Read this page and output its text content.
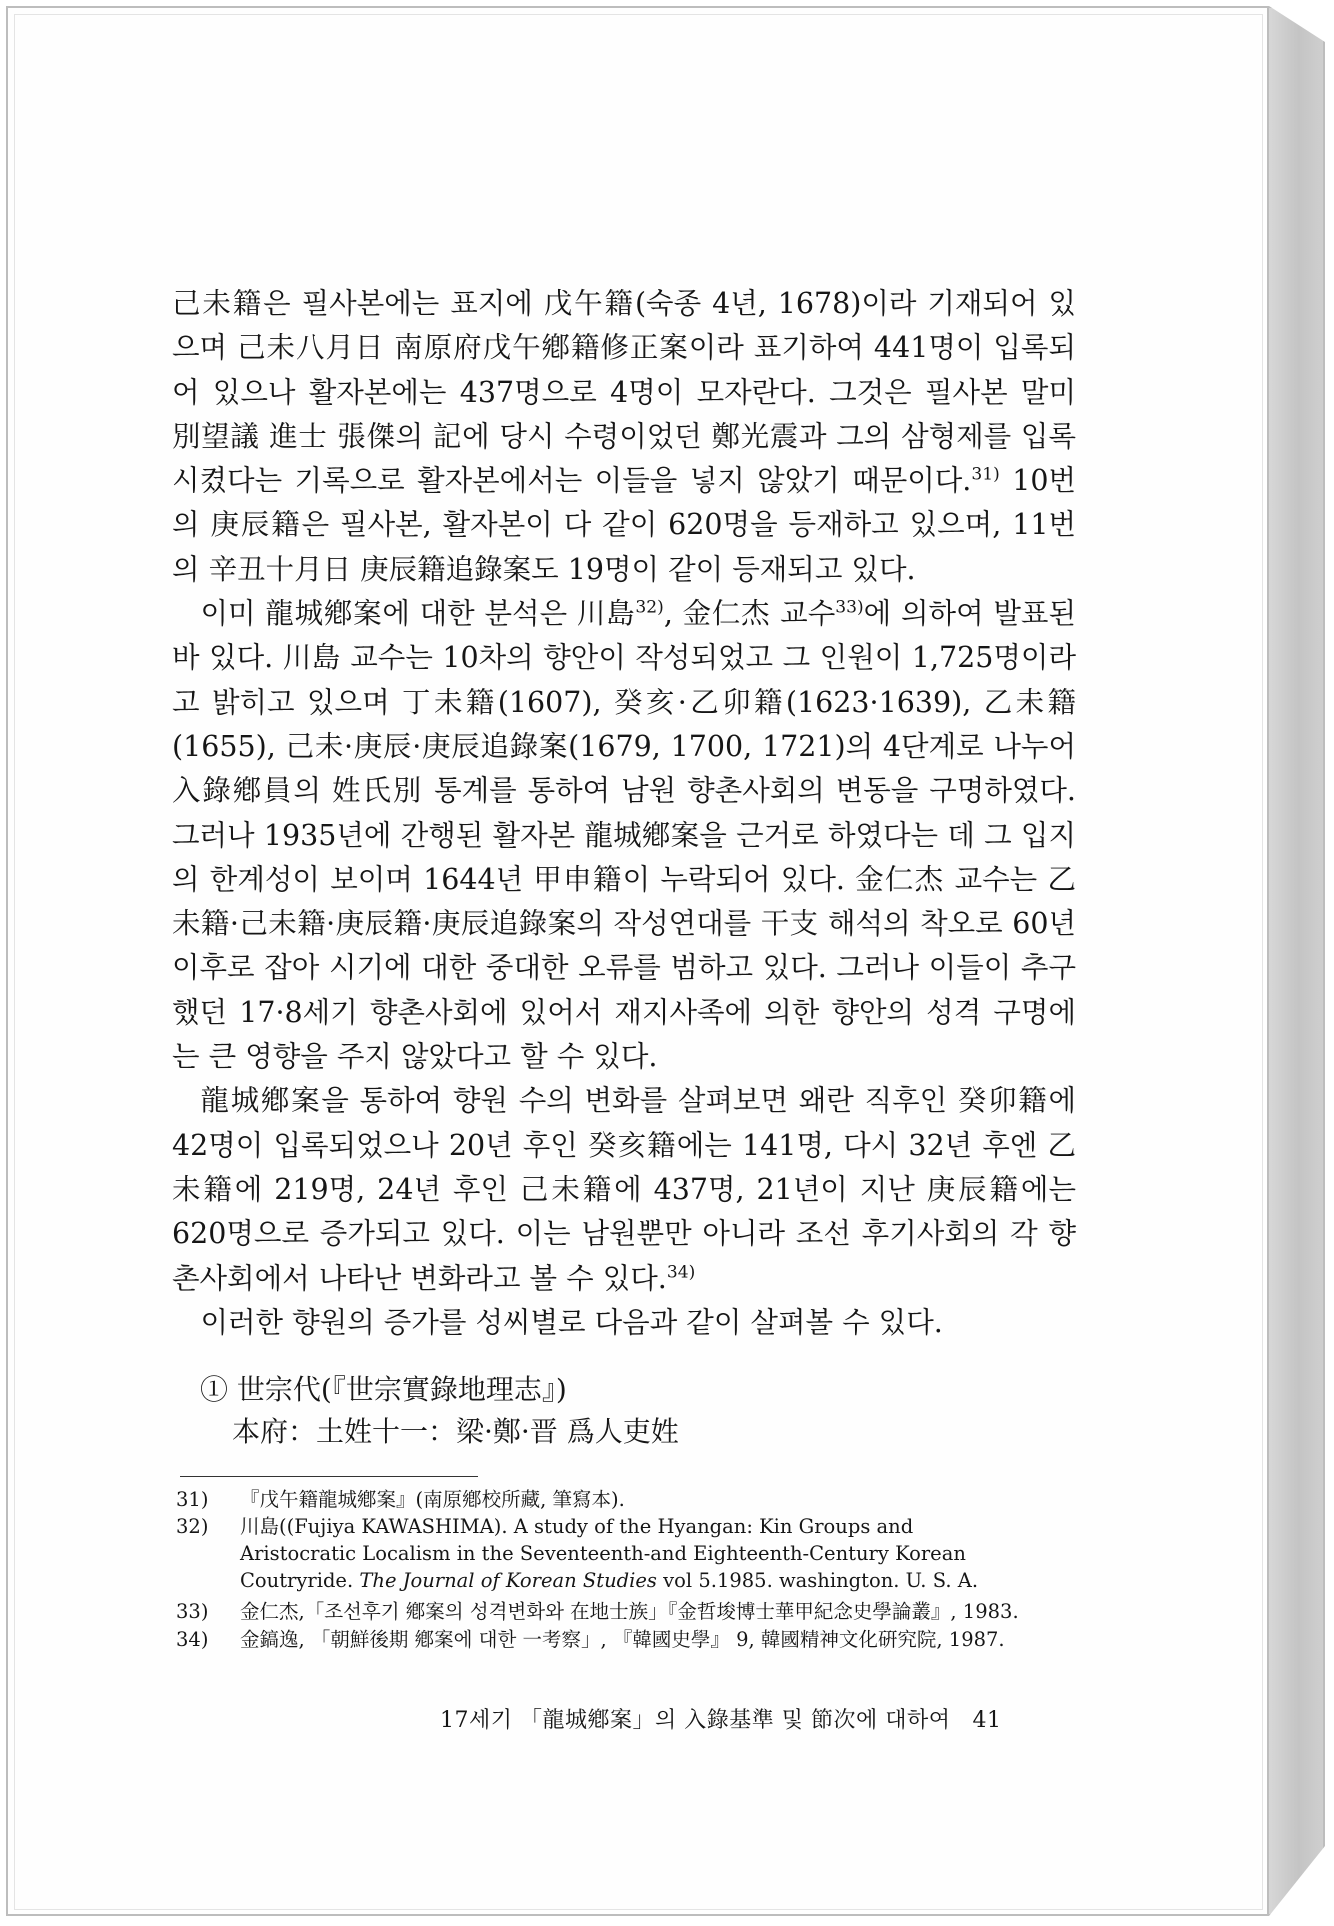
己未籍은 필사본에는 표지에 戊午籍(숙종 4년, 1678)이라 기재되어 있으며 己未八月日 南原府戊午鄕籍修正案이라 표기하여 441명이 입록되어 있으나 활자본에는 437명으로 4명이 모자란다. 그것은 필사본 말미 別望議 進士 張傑의 記에 당시 수령이었던 鄭光震과 그의 삼형제를 입록시켰다는 기록으로 활자본에서는 이들을 넣지 않았기 때문이다.$^{31)}$ 10번의 庚辰籍은 필사본, 활자본이 다 같이 620명을 등재하고 있으며, 11번의 辛丑十月日 庚辰籍追錄案도 19명이 같이 등재되고 있다.

이미 龍城鄕案에 대한 분석은 川島$^{32)}$, 金仁杰 교수$^{33)}$에 의하여 발표된 바 있다. 川島 교수는 10차의 향안이 작성되었고 그 인원이 1,725명이라고 밝히고 있으며 丁未籍(1607), 癸亥·乙卯籍(1623·1639), 乙未籍(1655), 己未·庚辰·庚辰追錄案(1679, 1700, 1721)의 4단계로 나누어 入錄鄕員의 姓氏別 통계를 통하여 남원 향촌사회의 변동을 구명하였다. 그러나 1935년에 간행된 활자본 龍城鄕案을 근거로 하였다는 데 그 입지의 한계성이 보이며 1644년 甲申籍이 누락되어 있다. 金仁杰 교수는 乙未籍·己未籍·庚辰籍·庚辰追錄案의 작성연대를 干支 해석의 착오로 60년 이후로 잡아 시기에 대한 중대한 오류를 범하고 있다. 그러나 이들이 추구했던 17·8세기 향촌사회에 있어서 재지사족에 의한 향안의 성격 구명에는 큰 영향을 주지 않았다고 할 수 있다.

龍城鄕案을 통하여 향원 수의 변화를 살펴보면 왜란 직후인 癸卯籍에 42명이 입록되었으나 20년 후인 癸亥籍에는 141명, 다시 32년 후엔 乙未籍에 219명, 24년 후인 己未籍에 437명, 21년이 지난 庚辰籍에는 620명으로 증가되고 있다. 이는 남원뿐만 아니라 조선 후기사회의 각 향촌사회에서 나타난 변화라고 볼 수 있다.$^{34)}$

이러한 향원의 증가를 성씨별로 다음과 같이 살펴볼 수 있다.

① 世宗代(『世宗實錄地理志』)

本府：土姓十一：梁·鄭·晋 爲人吏姓

31) 『戊午籍龍城鄕案』(南原鄕校所藏, 筆寫本).

32) 川島((Fujiya KAWASHIMA). A study of the Hyangan: Kin Groups and
Aristocratic Localism in the Seventeenth-and Eighteenth-Century Korean
Coutryride. The Journal of Korean Studies vol 5.1985. washington. U. S. A.

33) 金仁杰,「조선후기 鄕案의 성격변화와 在地士族」『金哲埈博士華甲紀念史學論叢』, 1983.

34) 金鎬逸, 「朝鮮後期 鄕案에 대한 一考察」, 『韓國史學』 9, 韓國精神文化硏究院, 1987.

17세기 「龍城鄕案」의 入錄基準 및 節次에 대하여 41
